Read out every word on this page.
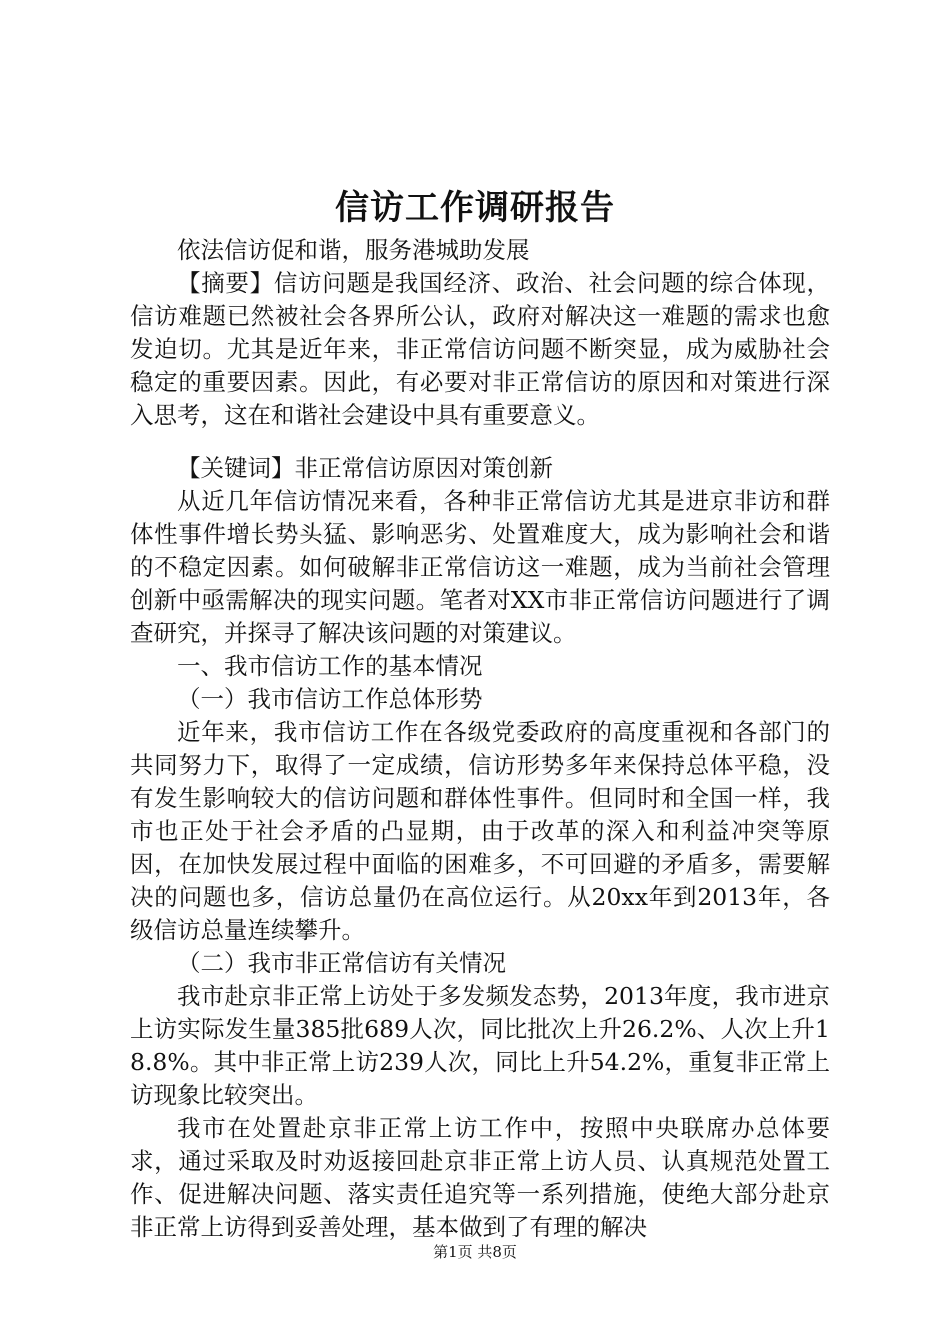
信访工作调研报告

依法信访促和谐，服务港城助发展

【摘要】信访问题是我国经济、政治、社会问题的综合体现，信访难题已然被社会各界所公认，政府对解决这一难题的需求也愈发迫切。尤其是近年来，非正常信访问题不断突显，成为威胁社会稳定的重要因素。因此，有必要对非正常信访的原因和对策进行深入思考，这在和谐社会建设中具有重要意义。

【关键词】非正常信访原因对策创新

从近几年信访情况来看，各种非正常信访尤其是进京非访和群体性事件增长势头猛、影响恶劣、处置难度大，成为影响社会和谐的不稳定因素。如何破解非正常信访这一难题，成为当前社会管理创新中亟需解决的现实问题。笔者对XX市非正常信访问题进行了调查研究，并探寻了解决该问题的对策建议。

一、我市信访工作的基本情况

（一）我市信访工作总体形势

近年来，我市信访工作在各级党委政府的高度重视和各部门的共同努力下，取得了一定成绩，信访形势多年来保持总体平稳，没有发生影响较大的信访问题和群体性事件。但同时和全国一样，我市也正处于社会矛盾的凸显期，由于改革的深入和利益冲突等原因，在加快发展过程中面临的困难多，不可回避的矛盾多，需要解决的问题也多，信访总量仍在高位运行。从20xx年到2013年，各级信访总量连续攀升。

（二）我市非正常信访有关情况

我市赴京非正常上访处于多发频发态势，2013年度，我市进京上访实际发生量385批689人次，同比批次上升26.2%、人次上升18.8%。其中非正常上访239人次，同比上升54.2%，重复非正常上访现象比较突出。

我市在处置赴京非正常上访工作中，按照中央联席办总体要求，通过采取及时劝返接回赴京非正常上访人员、认真规范处置工作、促进解决问题、落实责任追究等一系列措施，使绝大部分赴京非正常上访得到妥善处理，基本做到了有理的解决

第1页 共8页
